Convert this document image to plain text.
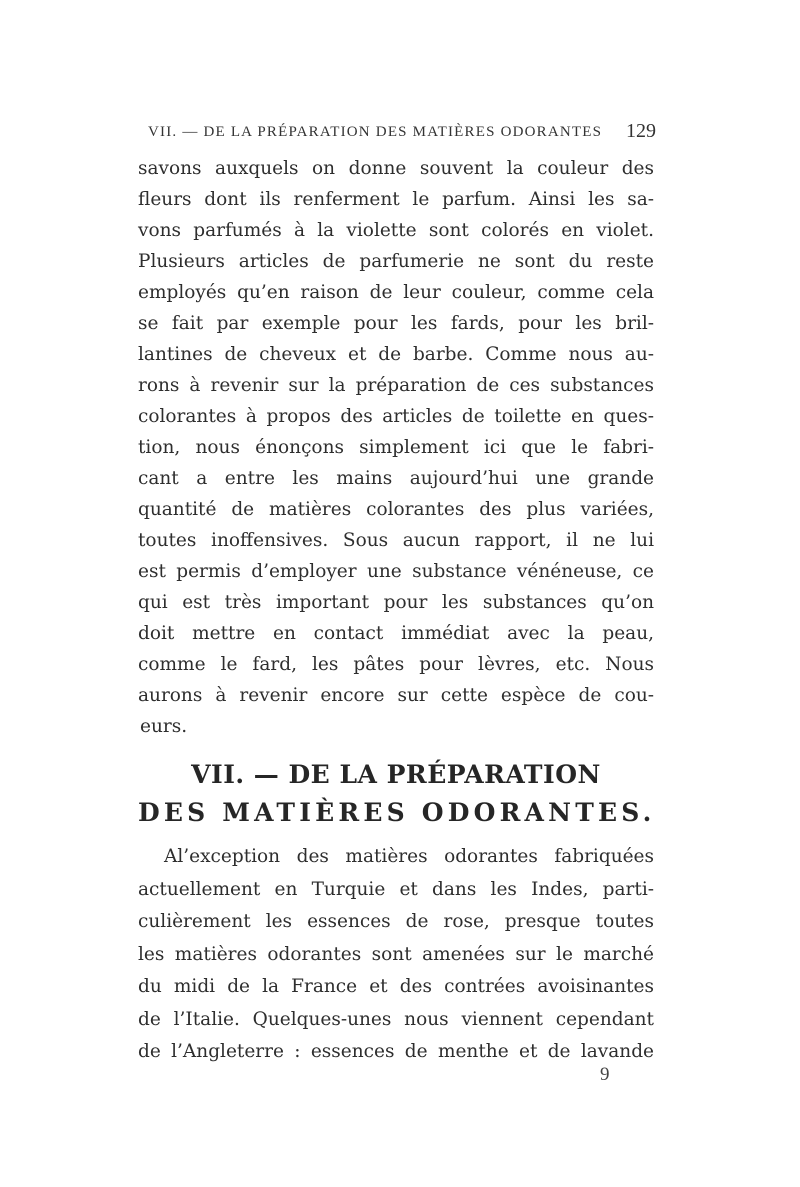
VII. — DE LA PRÉPARATION DES MATIÈRES ODORANTES 129
savons auxquels on donne souvent la couleur des
fleurs dont ils renferment le parfum. Ainsi les sa-
vons parfumés à la violette sont colorés en violet.
Plusieurs articles de parfumerie ne sont du reste
employés qu’en raison de leur couleur, comme cela
se fait par exemple pour les fards, pour les bril-
lantines de cheveux et de barbe. Comme nous au-
rons à revenir sur la préparation de ces substances
colorantes à propos des articles de toilette en ques-
tion, nous énonçons simplement ici que le fabri-
cant a entre les mains aujourd’hui une grande
quantité de matières colorantes des plus variées,
toutes inoffensives. Sous aucun rapport, il ne lui
est permis d’employer une substance vénéneuse, ce
qui est très important pour les substances qu’on
doit mettre en contact immédiat avec la peau,
comme le fard, les pâtes pour lèvres, etc. Nous
aurons à revenir encore sur cette espèce de cou-
eurs.
VII. — DE LA PRÉPARATION
DES MATIÈRES ODORANTES.
Al’exception des matières odorantes fabriquées
actuellement en Turquie et dans les Indes, parti-
culièrement les essences de rose, presque toutes
les matières odorantes sont amenées sur le marché
du midi de la France et des contrées avoisinantes
de l’Italie. Quelques-unes nous viennent cependant
de l’Angleterre : essences de menthe et de lavande
9
